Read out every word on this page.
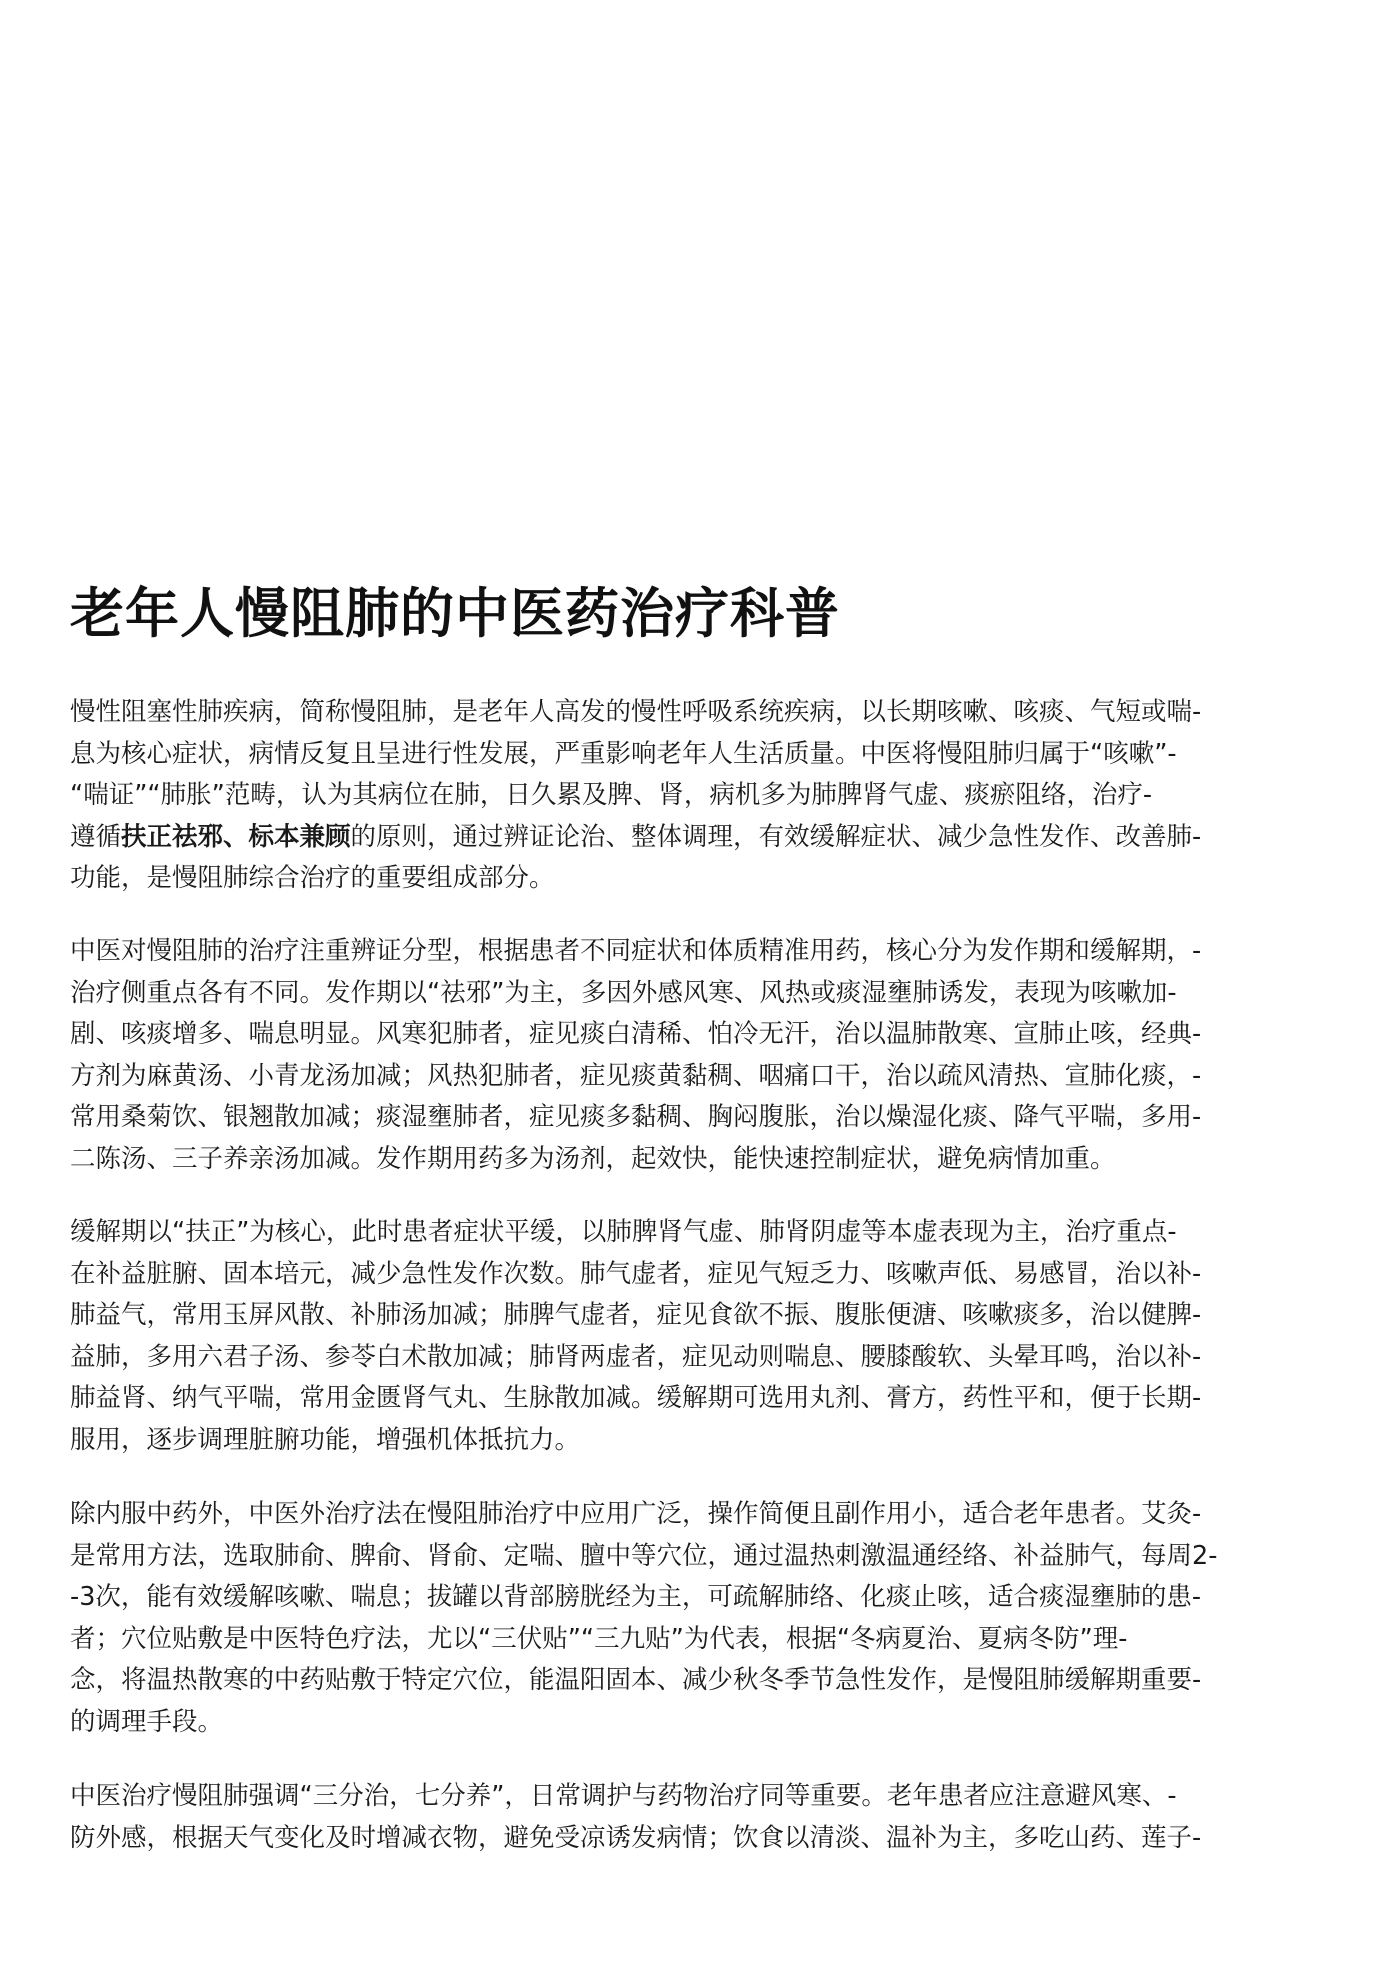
老年人慢阻肺的中医药治疗科普

慢性阻塞性肺疾病，简称慢阻肺，是老年人高发的慢性呼吸系统疾病，以长期咳嗽、咳痰、气短或喘-
息为核心症状，病情反复且呈进行性发展，严重影响老年人生活质量。中医将慢阻肺归属于“咳嗽”-
“喘证”“肺胀”范畴，认为其病位在肺，日久累及脾、肾，病机多为肺脾肾气虚、痰瘀阻络，治疗-
遵循扶正祛邪、标本兼顾的原则，通过辨证论治、整体调理，有效缓解症状、减少急性发作、改善肺-
功能，是慢阻肺综合治疗的重要组成部分。

中医对慢阻肺的治疗注重辨证分型，根据患者不同症状和体质精准用药，核心分为发作期和缓解期，-
治疗侧重点各有不同。发作期以“祛邪”为主，多因外感风寒、风热或痰湿壅肺诱发，表现为咳嗽加-
剧、咳痰增多、喘息明显。风寒犯肺者，症见痰白清稀、怕冷无汗，治以温肺散寒、宣肺止咳，经典-
方剂为麻黄汤、小青龙汤加减；风热犯肺者，症见痰黄黏稠、咽痛口干，治以疏风清热、宣肺化痰，-
常用桑菊饮、银翘散加减；痰湿壅肺者，症见痰多黏稠、胸闷腹胀，治以燥湿化痰、降气平喘，多用-
二陈汤、三子养亲汤加减。发作期用药多为汤剂，起效快，能快速控制症状，避免病情加重。

缓解期以“扶正”为核心，此时患者症状平缓，以肺脾肾气虚、肺肾阴虚等本虚表现为主，治疗重点-
在补益脏腑、固本培元，减少急性发作次数。肺气虚者，症见气短乏力、咳嗽声低、易感冒，治以补-
肺益气，常用玉屏风散、补肺汤加减；肺脾气虚者，症见食欲不振、腹胀便溏、咳嗽痰多，治以健脾-
益肺，多用六君子汤、参苓白术散加减；肺肾两虚者，症见动则喘息、腰膝酸软、头晕耳鸣，治以补-
肺益肾、纳气平喘，常用金匮肾气丸、生脉散加减。缓解期可选用丸剂、膏方，药性平和，便于长期-
服用，逐步调理脏腑功能，增强机体抵抗力。

除内服中药外，中医外治疗法在慢阻肺治疗中应用广泛，操作简便且副作用小，适合老年患者。艾灸-
是常用方法，选取肺俞、脾俞、肾俞、定喘、膻中等穴位，通过温热刺激温通经络、补益肺气，每周2-
-3次，能有效缓解咳嗽、喘息；拔罐以背部膀胱经为主，可疏解肺络、化痰止咳，适合痰湿壅肺的患-
者；穴位贴敷是中医特色疗法，尤以“三伏贴”“三九贴”为代表，根据“冬病夏治、夏病冬防”理-
念，将温热散寒的中药贴敷于特定穴位，能温阳固本、减少秋冬季节急性发作，是慢阻肺缓解期重要-
的调理手段。

中医治疗慢阻肺强调“三分治，七分养”，日常调护与药物治疗同等重要。老年患者应注意避风寒、-
防外感，根据天气变化及时增减衣物，避免受凉诱发病情；饮食以清淡、温补为主，多吃山药、莲子-
